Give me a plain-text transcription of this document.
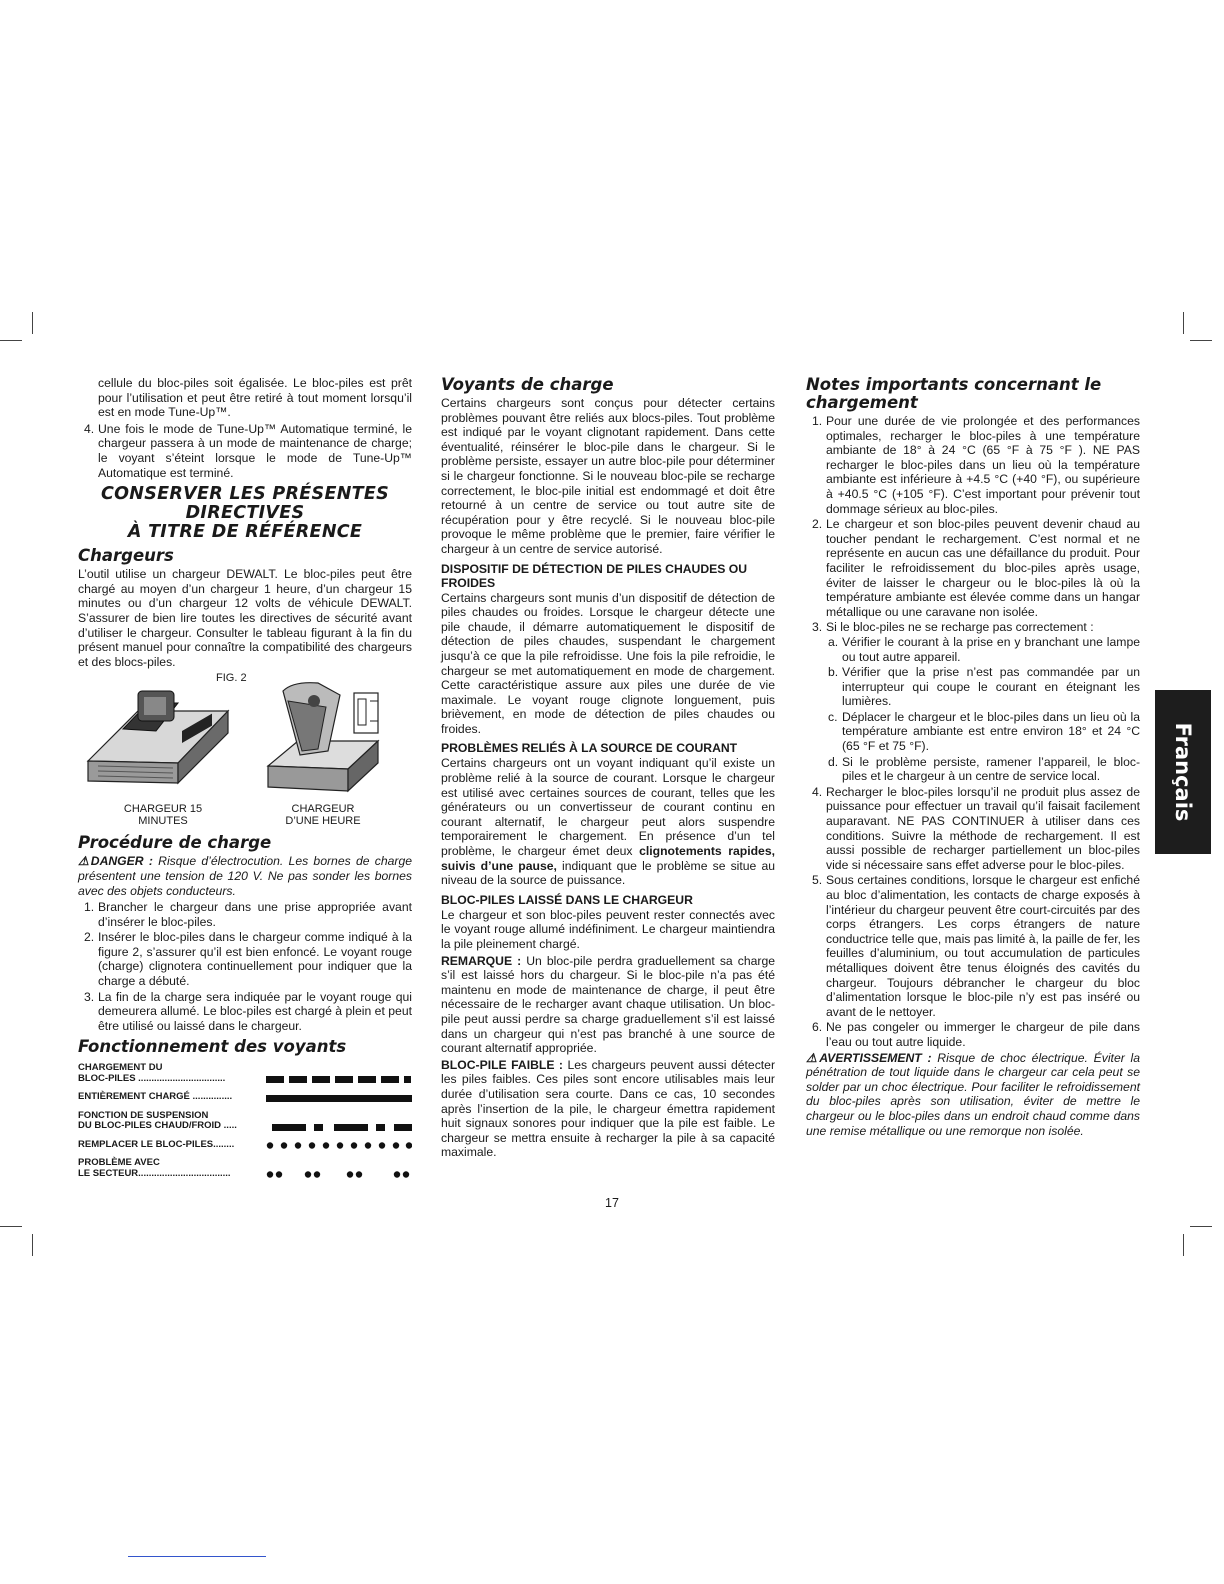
cellule du bloc-piles soit égalisée. Le bloc-piles est prêt pour l’utilisation et peut être retiré à tout moment lorsqu’il est en mode Tune-Up™.

4. Une fois le mode de Tune-Up™ Automatique terminé, le chargeur passera à un mode de maintenance de charge; le voyant s’éteint lorsque le mode de Tune-Up™ Automatique est terminé.
CONSERVER LES PRÉSENTES
DIRECTIVES
À TITRE DE RÉFÉRENCE
Chargeurs

L’outil utilise un chargeur DEWALT. Le bloc-piles peut être chargé au moyen d’un chargeur 1 heure, d’un chargeur 15 minutes ou d’un chargeur 12 volts de véhicule DEWALT. S’assurer de bien lire toutes les directives de sécurité avant d’utiliser le chargeur. Consulter le tableau figurant à la fin du présent manuel pour connaître la compatibilité des chargeurs et des blocs-piles.

FIG. 2
CHARGEUR 15
MINUTES
CHARGEUR
D’UNE HEURE
Procédure de charge

⚠DANGER : Risque d’électrocution. Les bornes de charge présentent une tension de 120 V. Ne pas sonder les bornes avec des objets conducteurs.

1. Brancher le chargeur dans une prise appropriée avant d’insérer le bloc-piles.
2. Insérer le bloc-piles dans le chargeur comme indiqué à la figure 2, s’assurer qu’il est bien enfoncé. Le voyant rouge (charge) clignotera continuellement pour indiquer que la charge a débuté.
3. La fin de la charge sera indiquée par le voyant rouge qui demeurera allumé. Le bloc-piles est chargé à plein et peut être utilisé ou laissé dans le chargeur.
Fonctionnement des voyants
CHARGEMENT DU
BLOC-PILES .................................	

ENTIÈREMENT CHARGÉ ...............	

FONCTION DE SUSPENSION
DU BLOC-PILES CHAUD/FROID .....	

REMPLACER LE BLOC-PILES........	

PROBLÈME AVEC
LE SECTEUR...................................	
Voyants de charge

Certains chargeurs sont conçus pour détecter certains problèmes pouvant être reliés aux blocs-piles. Tout problème est indiqué par le voyant clignotant rapidement. Dans cette éventualité, réinsérer le bloc-pile dans le chargeur. Si le problème persiste, essayer un autre bloc-pile pour déterminer si le chargeur fonctionne. Si le nouveau bloc-pile se recharge correctement, le bloc-pile initial est endommagé et doit être retourné à un centre de service ou tout autre site de récupération pour y être recyclé. Si le nouveau bloc-pile provoque le même problème que le premier, faire vérifier le chargeur à un centre de service autorisé.

DISPOSITIF DE DÉTECTION DE PILES CHAUDES OU FROIDES

Certains chargeurs sont munis d’un dispositif de détection de piles chaudes ou froides. Lorsque le chargeur détecte une pile chaude, il démarre automatiquement le dispositif de détection de piles chaudes, suspendant le chargement jusqu’à ce que la pile refroidisse. Une fois la pile refroidie, le chargeur se met automatiquement en mode de chargement. Cette caractéristique assure aux piles une durée de vie maximale. Le voyant rouge clignote longuement, puis brièvement, en mode de détection de piles chaudes ou froides.

PROBLÈMES RELIÉS À LA SOURCE DE COURANT

Certains chargeurs ont un voyant indiquant qu’il existe un problème relié à la source de courant. Lorsque le chargeur est utilisé avec certaines sources de courant, telles que les générateurs ou un convertisseur de courant continu en courant alternatif, le chargeur peut alors suspendre temporairement le chargement. En présence d’un tel problème, le chargeur émet deux clignotements rapides, suivis d’une pause, indiquant que le problème se situe au niveau de la source de puissance.

BLOC-PILES LAISSÉ DANS LE CHARGEUR

Le chargeur et son bloc-piles peuvent rester connectés avec le voyant rouge allumé indéfiniment. Le chargeur maintiendra la pile pleinement chargé.

REMARQUE : Un bloc-pile perdra graduellement sa charge s’il est laissé hors du chargeur. Si le bloc-pile n’a pas été maintenu en mode de maintenance de charge, il peut être nécessaire de le recharger avant chaque utilisation. Un bloc-pile peut aussi perdre sa charge graduellement s’il est laissé dans un chargeur qui n’est pas branché à une source de courant alternatif appropriée.

BLOC-PILE FAIBLE : Les chargeurs peuvent aussi détecter les piles faibles. Ces piles sont encore utilisables mais leur durée d’utilisation sera courte. Dans ce cas, 10 secondes après l’insertion de la pile, le chargeur émettra rapidement huit signaux sonores pour indiquer que la pile est faible. Le chargeur se mettra ensuite à recharger la pile à sa capacité maximale.

Notes importants concernant le chargement
1. Pour une durée de vie prolongée et des performances optimales, recharger le bloc-piles à une température ambiante de 18° à 24 °C (65 °F à 75 °F ). NE PAS recharger le bloc-piles dans un lieu où la température ambiante est inférieure à +4.5 °C (+40 °F), ou supérieure à +40.5 °C (+105 °F). C’est important pour prévenir tout dommage sérieux au bloc-piles.
2. Le chargeur et son bloc-piles peuvent devenir chaud au toucher pendant le rechargement. C’est normal et ne représente en aucun cas une défaillance du produit. Pour faciliter le refroidissement du bloc-piles après usage, éviter de laisser le chargeur ou le bloc-piles là où la température ambiante est élevée comme dans un hangar métallique ou une caravane non isolée.
3. Si le bloc-piles ne se recharge pas correctement :
a. Vérifier le courant à la prise en y branchant une lampe ou tout autre appareil.
b. Vérifier que la prise n’est pas commandée par un interrupteur qui coupe le courant en éteignant les lumières.
c. Déplacer le chargeur et le bloc-piles dans un lieu où la température ambiante est entre environ 18° et 24 °C (65 °F et 75 °F).
d. Si le problème persiste, ramener l’appareil, le bloc-piles et le chargeur à un centre de service local.
4. Recharger le bloc-piles lorsqu’il ne produit plus assez de puissance pour effectuer un travail qu’il faisait facilement auparavant. NE PAS CONTINUER à utiliser dans ces conditions. Suivre la méthode de rechargement. Il est aussi possible de recharger partiellement un bloc-piles vide si nécessaire sans effet adverse pour le bloc-piles.
5. Sous certaines conditions, lorsque le chargeur est enfiché au bloc d’alimentation, les contacts de charge exposés à l’intérieur du chargeur peuvent être court-circuités par des corps étrangers. Les corps étrangers de nature conductrice telle que, mais pas limité à, la paille de fer, les feuilles d’aluminium, ou tout accumulation de particules métalliques doivent être tenus éloignés des cavités du chargeur. Toujours débrancher le chargeur du bloc d’alimentation lorsque le bloc-pile n’y est pas inséré ou avant de le nettoyer.
6. Ne pas congeler ou immerger le chargeur de pile dans l’eau ou tout autre liquide.

⚠AVERTISSEMENT : Risque de choc électrique. Éviter la pénétration de tout liquide dans le chargeur car cela peut se solder par un choc électrique. Pour faciliter le refroidissement du bloc-piles après son utilisation, éviter de mettre le chargeur ou le bloc-piles dans un endroit chaud comme dans une remise métallique ou une remorque non isolée.

Français
17
